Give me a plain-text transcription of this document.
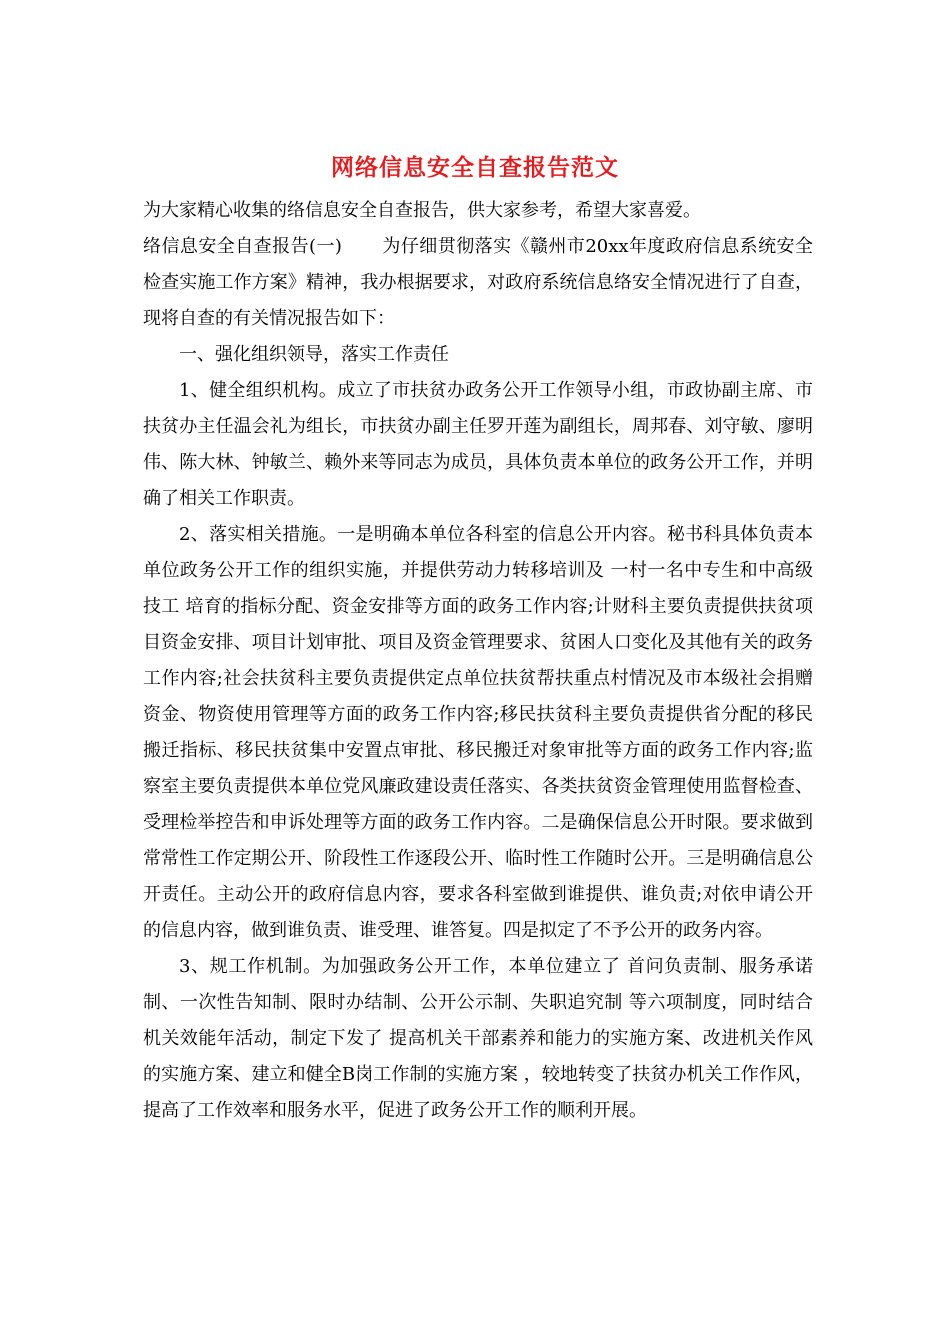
网络信息安全自查报告范文

为大家精心收集的络信息安全自查报告，供大家参考，希望大家喜爱。

络信息安全自查报告(一) 为仔细贯彻落实《赣州市20xx年度政府信息系统安全检查实施工作方案》精神，我办根据要求，对政府系统信息络安全情况进行了自查，现将自查的有关情况报告如下：

一、强化组织领导，落实工作责任

1、健全组织机构。成立了市扶贫办政务公开工作领导小组，市政协副主席、市扶贫办主任温会礼为组长，市扶贫办副主任罗开莲为副组长，周邦春、刘守敏、廖明伟、陈大林、钟敏兰、赖外来等同志为成员，具体负责本单位的政务公开工作，并明确了相关工作职责。

2、落实相关措施。一是明确本单位各科室的信息公开内容。秘书科具体负责本单位政务公开工作的组织实施，并提供劳动力转移培训及 一村一名中专生和中高级技工 培育的指标分配、资金安排等方面的政务工作内容;计财科主要负责提供扶贫项目资金安排、项目计划审批、项目及资金管理要求、贫困人口变化及其他有关的政务工作内容;社会扶贫科主要负责提供定点单位扶贫帮扶重点村情况及市本级社会捐赠资金、物资使用管理等方面的政务工作内容;移民扶贫科主要负责提供省分配的移民搬迁指标、移民扶贫集中安置点审批、移民搬迁对象审批等方面的政务工作内容;监察室主要负责提供本单位党风廉政建设责任落实、各类扶贫资金管理使用监督检查、受理检举控告和申诉处理等方面的政务工作内容。二是确保信息公开时限。要求做到常常性工作定期公开、阶段性工作逐段公开、临时性工作随时公开。三是明确信息公开责任。主动公开的政府信息内容，要求各科室做到谁提供、谁负责;对依申请公开的信息内容，做到谁负责、谁受理、谁答复。四是拟定了不予公开的政务内容。

3、规工作机制。为加强政务公开工作，本单位建立了 首问负责制、服务承诺制、一次性告知制、限时办结制、公开公示制、失职追究制 等六项制度，同时结合机关效能年活动，制定下发了 提高机关干部素养和能力的实施方案、改进机关作风的实施方案、建立和健全B岗工作制的实施方案 ，较地转变了扶贫办机关工作作风，提高了工作效率和服务水平，促进了政务公开工作的顺利开展。
